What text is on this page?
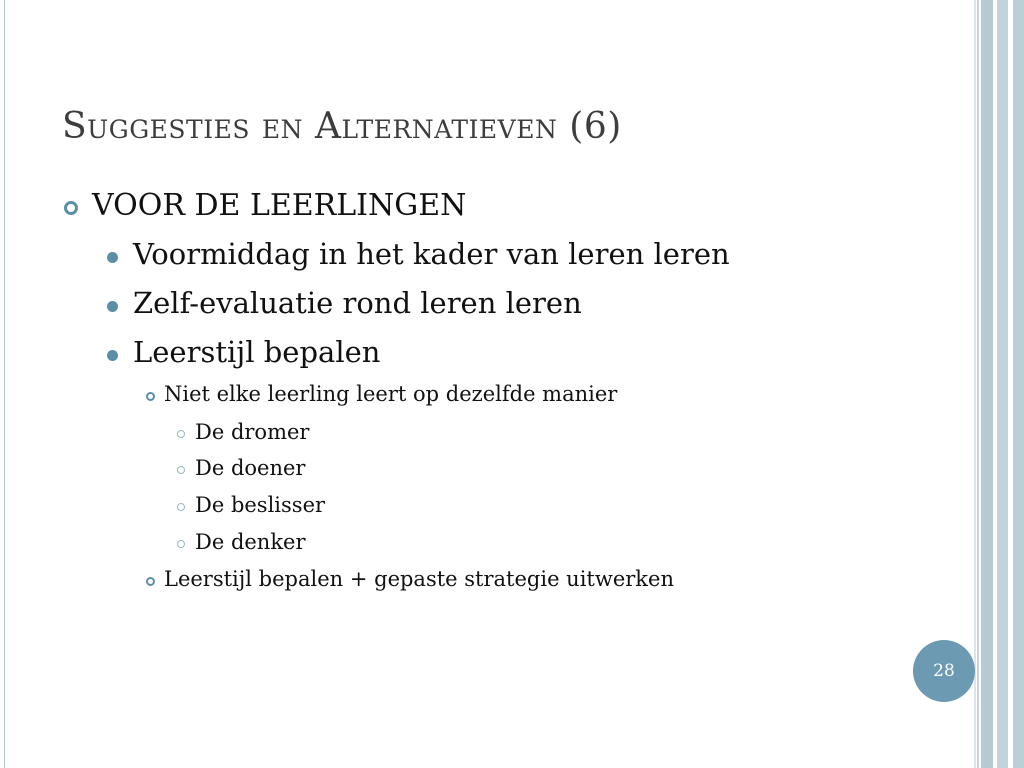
Suggesties en Alternatieven (6)
VOOR DE LEERLINGEN
Voormiddag in het kader van leren leren
Zelf-evaluatie rond leren leren
Leerstijl bepalen
Niet elke leerling leert op dezelfde manier
De dromer
De doener
De beslisser
De denker
Leerstijl bepalen + gepaste strategie uitwerken
28
